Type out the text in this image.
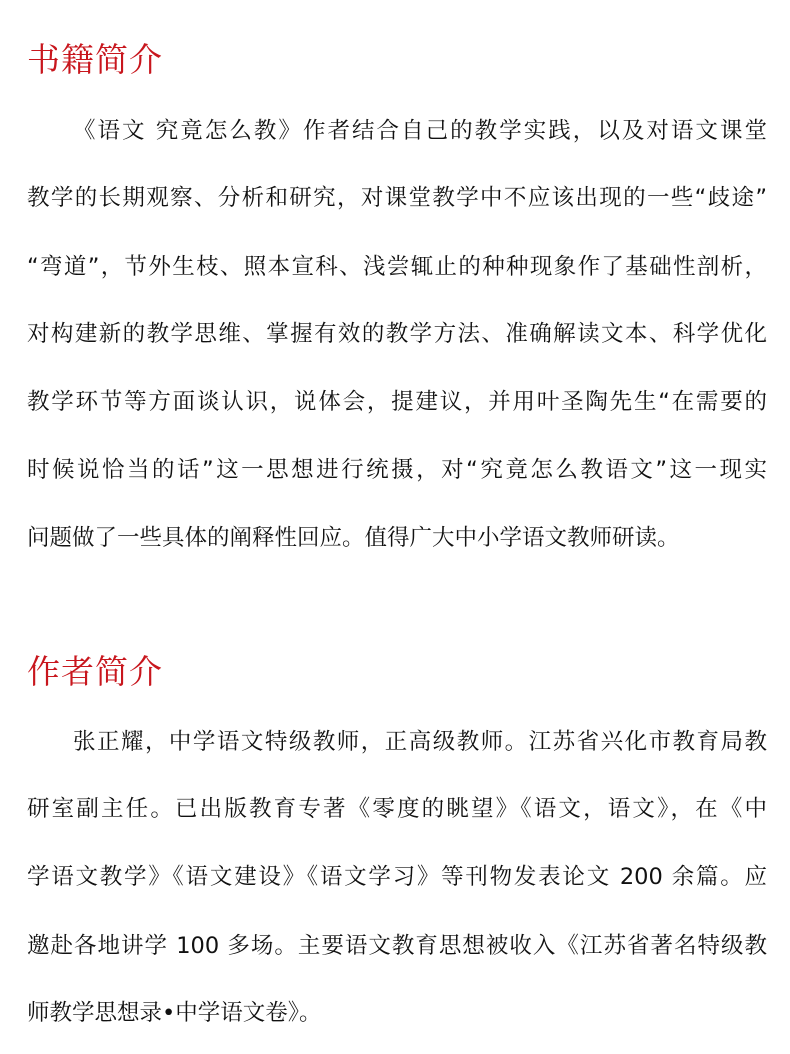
书籍简介

《语文 究竟怎么教》作者结合自己的教学实践，以及对语文课堂

教学的长期观察、分析和研究，对课堂教学中不应该出现的一些“歧途”

“弯道”，节外生枝、照本宣科、浅尝辄止的种种现象作了基础性剖析，

对构建新的教学思维、掌握有效的教学方法、准确解读文本、科学优化

教学环节等方面谈认识，说体会，提建议，并用叶圣陶先生“在需要的

时候说恰当的话”这一思想进行统摄，对“究竟怎么教语文”这一现实

问题做了一些具体的阐释性回应。值得广大中小学语文教师研读。

作者简介

张正耀，中学语文特级教师，正高级教师。江苏省兴化市教育局教

研室副主任。已出版教育专著《零度的眺望》《语文，语文》，在《中

学语文教学》《语文建设》《语文学习》等刊物发表论文 200 余篇。应

邀赴各地讲学 100 多场。主要语文教育思想被收入《江苏省著名特级教

师教学思想录•中学语文卷》。
